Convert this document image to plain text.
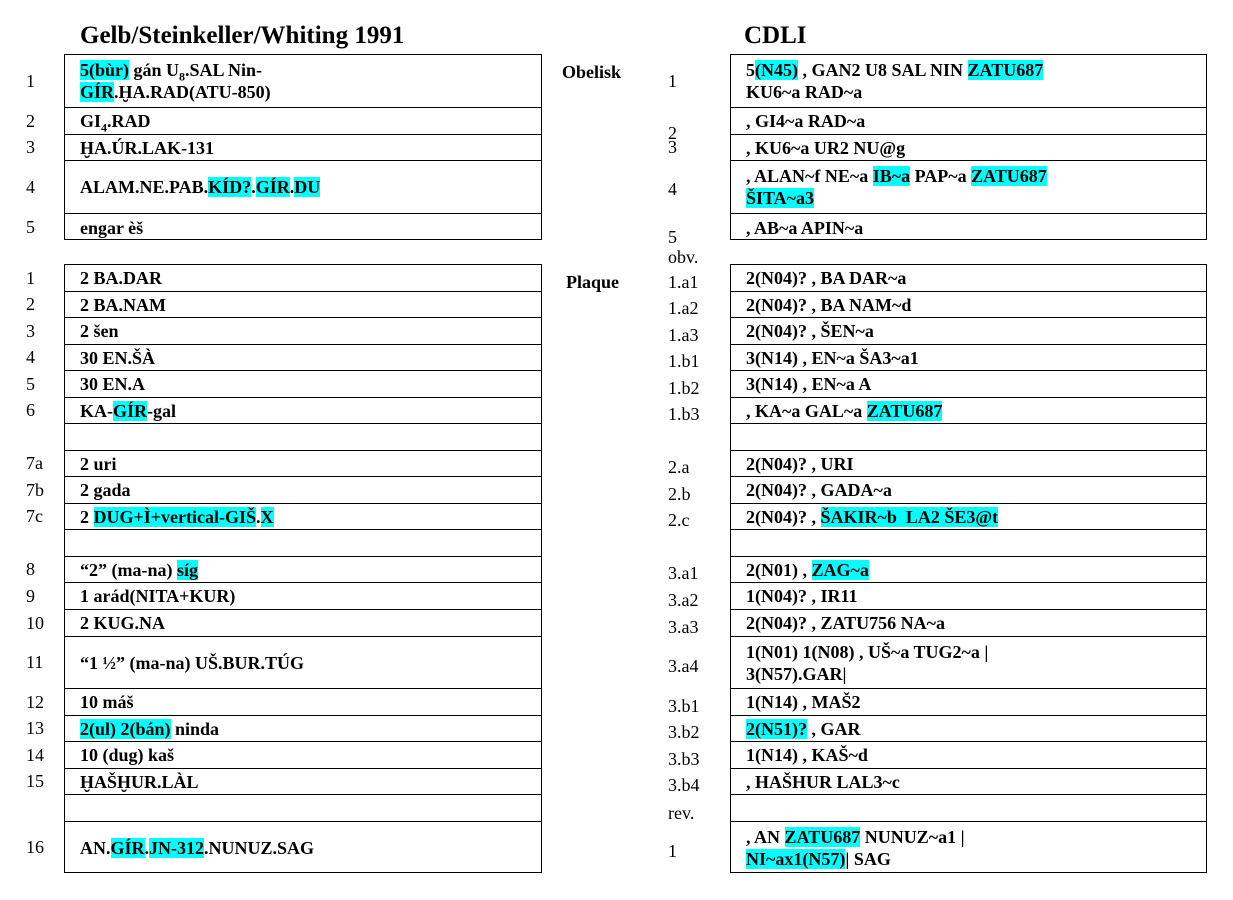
Gelb/Steinkeller/Whiting 1991	CDLI
Obelisk
Plaque
obv.
rev.
5(bùr) gán $U_8.SAL$ Nin-
GÍR.ḪA.RAD(ATU-850)
$GI_4.RAD$
ḪA.ÚR.LAK-131
ALAM.NE.PAB.KÍD?.GÍR.DU
engar èš
2 BA.DAR
2 BA.NAM
2 šen
30 EN.ŠÀ
30 EN.A
KA-GÍR-gal
2 uri
2 gada
2 DUG+Ì+vertical-GIŠ.X
“2” (ma-na) síg
1 arád(NITA+KUR)
2 KUG.NA
“1 ½” (ma-na) UŠ.BUR.TÚG
10 máš
2(ul) 2(bán) ninda
10 (dug) kaš
ḪAŠḪUR.LÀL
AN.GÍR.JN-312.NUNUZ.SAG
5(N45) , GAN2 U8 SAL NIN ZATU687
KU6~a RAD~a
, GI4~a RAD~a
, KU6~a UR2 NU@g
, ALAN~f NE~a IB~a PAP~a ZATU687
ŠITA~a3
, AB~a APIN~a
2(N04)? , BA DAR~a
2(N04)? , BA NAM~d
2(N04)? , ŠEN~a
3(N14) , EN~a ŠA3~a1
3(N14) , EN~a A
, KA~a GAL~a ZATU687
2(N04)? , URI
2(N04)? , GADA~a
2(N04)? , ŠAKIR~b  LA2 ŠE3@t
2(N01) , ZAG~a
1(N04)? , IR11
2(N04)? , ZATU756 NA~a
1(N01) 1(N08) , UŠ~a TUG2~a |
3(N57).GAR|
1(N14) , MAŠ2
2(N51)? , GAR
1(N14) , KAŠ~d
, HAŠHUR LAL3~c
, AN ZATU687 NUNUZ~a1 |
NI~ax1(N57)| SAG
1
2
3
4
5
1
2
3
4
5
6
7a
7b
7c
8
9
10
11
12
13
14
15
16
1
2
3
4
5
1.a1
1.a2
1.a3
1.b1
1.b2
1.b3
2.a
2.b
2.c
3.a1
3.a2
3.a3
3.a4
3.b1
3.b2
3.b3
3.b4
1
